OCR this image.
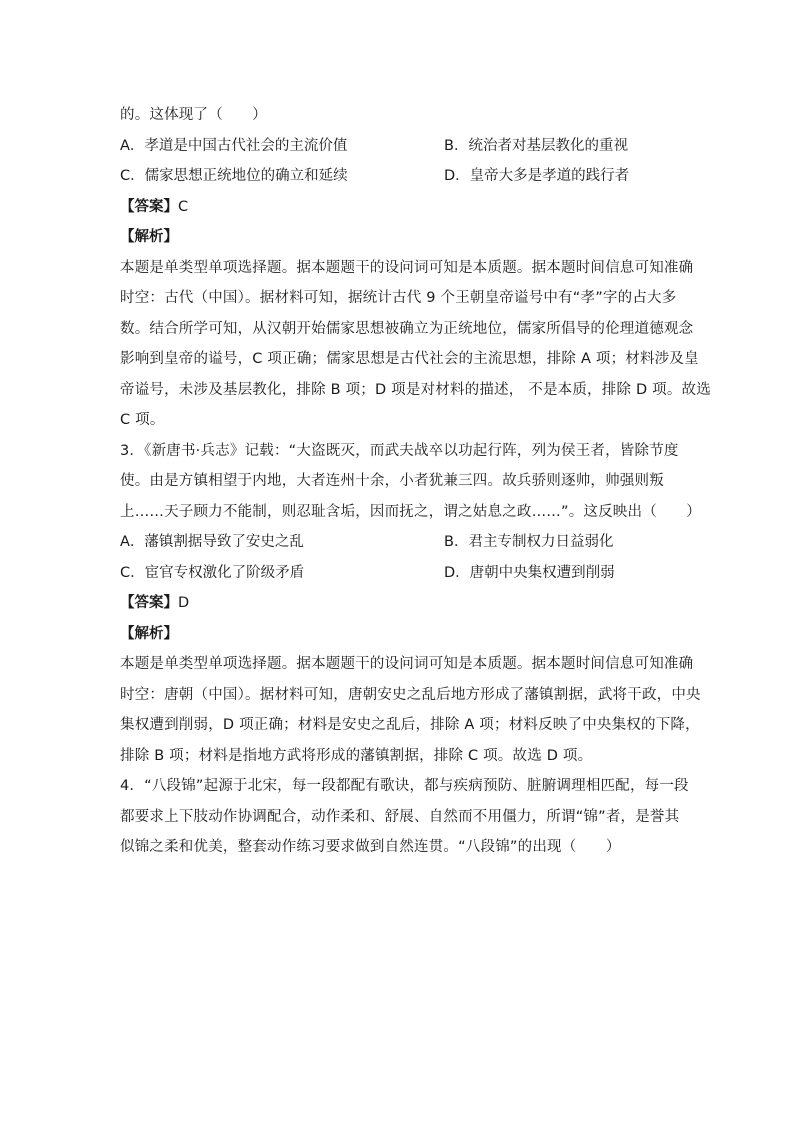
的。这体现了（　　）
A．孝道是中国古代社会的主流价值	B．统治者对基层教化的重视
C．儒家思想正统地位的确立和延续	D．皇帝大多是孝道的践行者
【答案】C
【解析】
本题是单类型单项选择题。据本题题干的设问词可知是本质题。据本题时间信息可知准确
时空：古代（中国）。据材料可知，据统计古代 9 个王朝皇帝谥号中有“孝”字的占大多
数。结合所学可知，从汉朝开始儒家思想被确立为正统地位，儒家所倡导的伦理道德观念
影响到皇帝的谥号，C 项正确；儒家思想是古代社会的主流思想，排除 A 项；材料涉及皇
帝谥号，未涉及基层教化，排除 B 项；D 项是对材料的描述， 不是本质，排除 D 项。故选
C 项。
3．《新唐书·兵志》记载：“大盗既灭，而武夫战卒以功起行阵，列为侯王者，皆除节度
使。由是方镇相望于内地，大者连州十余，小者犹兼三四。故兵骄则逐帅，帅强则叛
上……天子顾力不能制，则忍耻含垢，因而抚之，谓之姑息之政……”。这反映出（　　）
A．藩镇割据导致了安史之乱	B．君主专制权力日益弱化
C．宦官专权激化了阶级矛盾	D．唐朝中央集权遭到削弱
【答案】D
【解析】
本题是单类型单项选择题。据本题题干的设问词可知是本质题。据本题时间信息可知准确
时空：唐朝（中国）。据材料可知，唐朝安史之乱后地方形成了藩镇割据，武将干政，中央
集权遭到削弱，D 项正确；材料是安史之乱后，排除 A 项；材料反映了中央集权的下降，
排除 B 项；材料是指地方武将形成的藩镇割据，排除 C 项。故选 D 项。
4．“八段锦”起源于北宋，每一段都配有歌诀，都与疾病预防、脏腑调理相匹配，每一段
都要求上下肢动作协调配合，动作柔和、舒展、自然而不用僵力，所谓“锦”者，是誉其
似锦之柔和优美，整套动作练习要求做到自然连贯。“八段锦”的出现（　　）
